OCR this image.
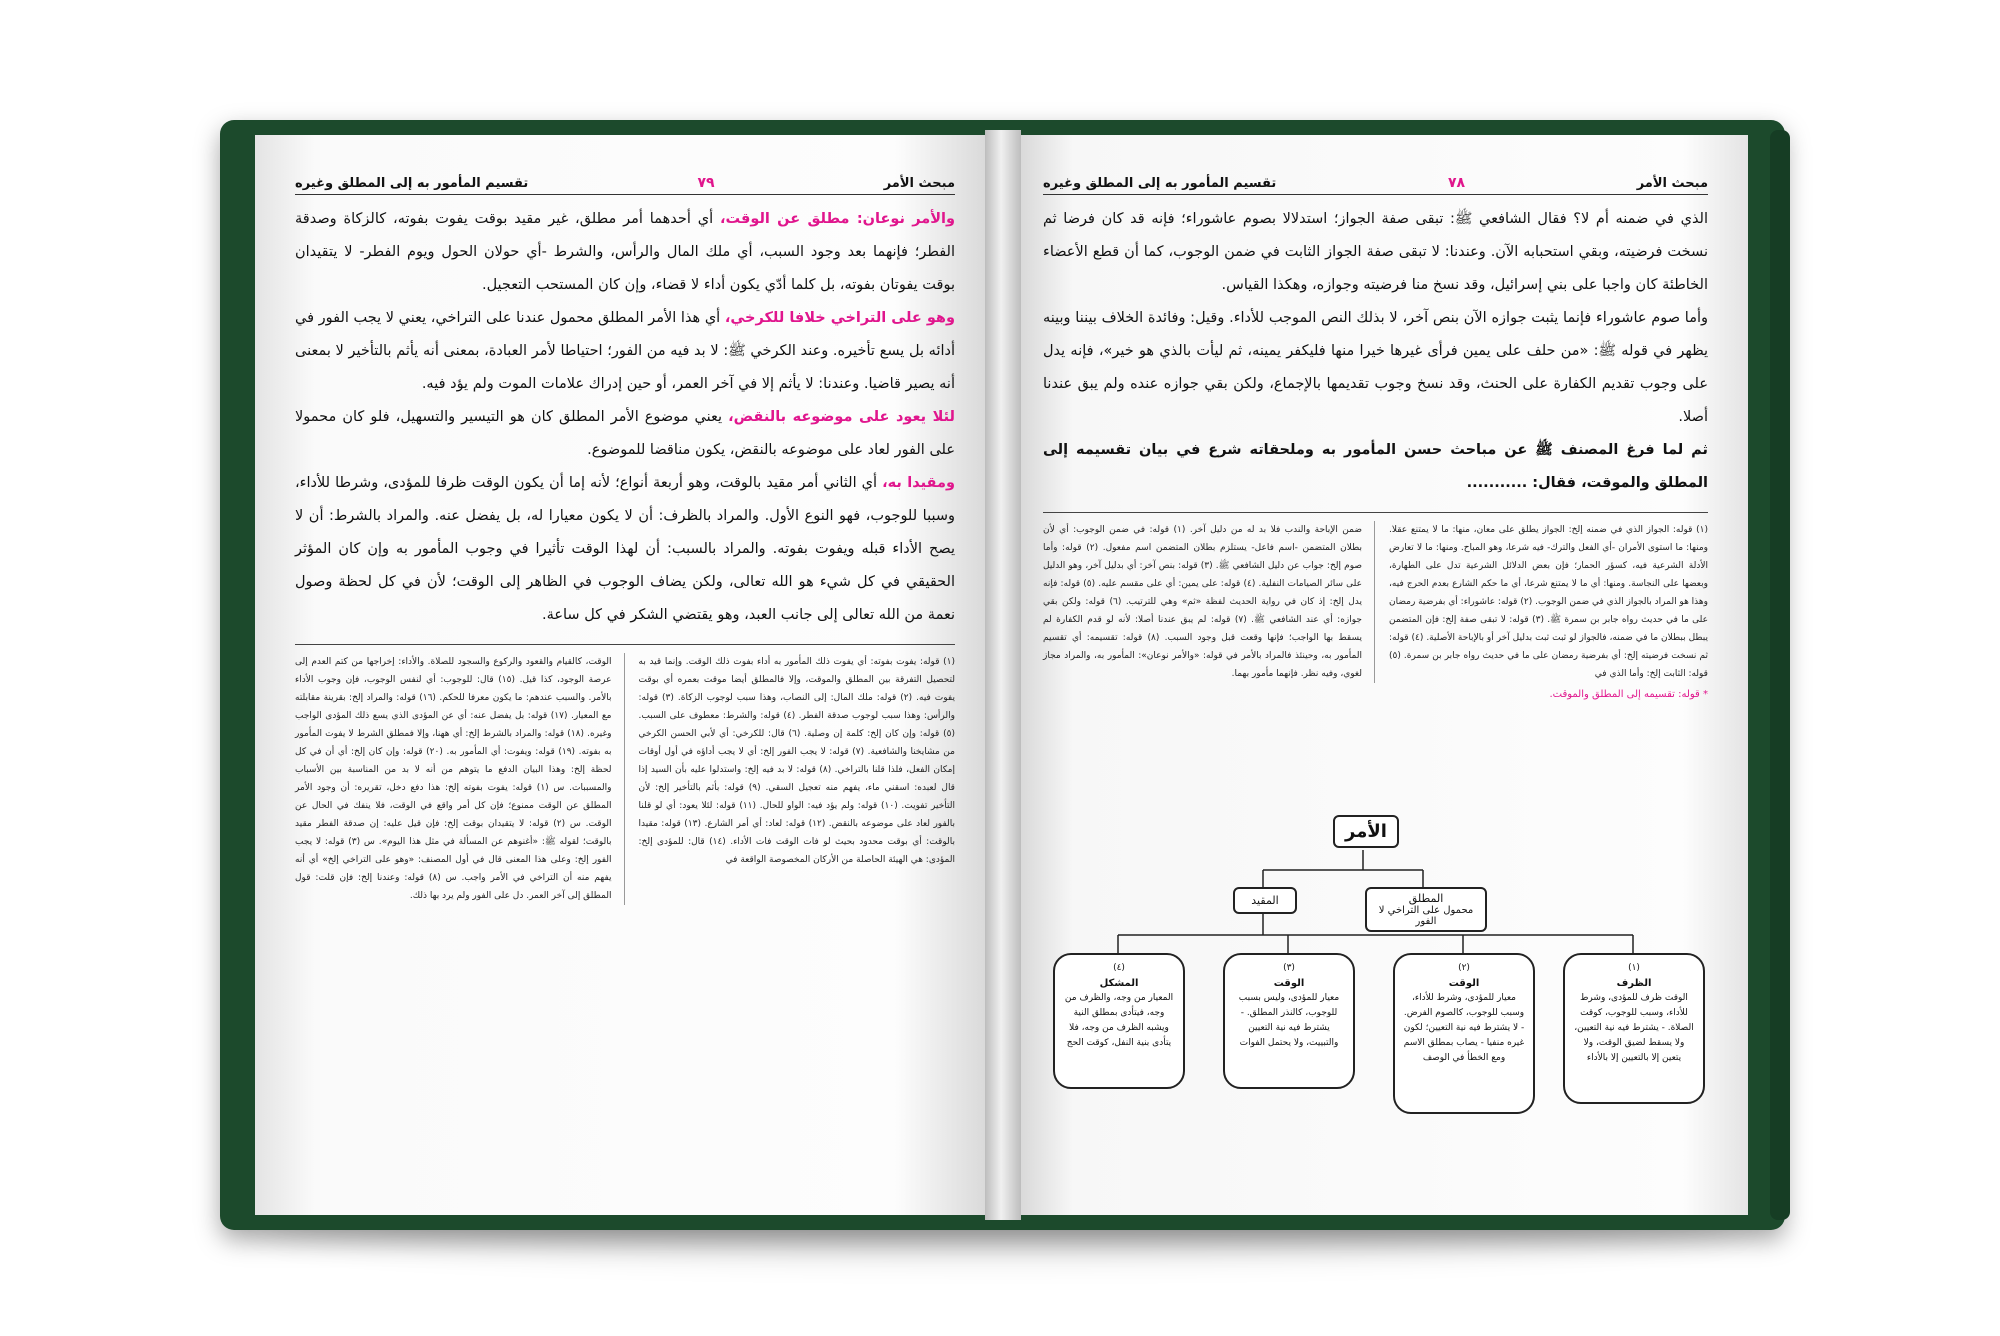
مبحث الأمر
٧٩
تقسيم المأمور به إلى المطلق وغيره

والأمر نوعان: مطلق عن الوقت، أي أحدهما أمر مطلق، غير مقيد بوقت يفوت بفوته، كالزكاة وصدقة الفطر؛ فإنهما بعد وجود السبب، أي ملك المال والرأس، والشرط -أي حولان الحول ويوم الفطر- لا يتقيدان بوقت يفوتان بفوته، بل كلما أدّي يكون أداء لا قضاء، وإن كان المستحب التعجيل.

وهو على التراخي خلافا للكرخي، أي هذا الأمر المطلق محمول عندنا على التراخي، يعني لا يجب الفور في أدائه بل يسع تأخيره. وعند الكرخي ﷺ: لا بد فيه من الفور؛ احتياطا لأمر العبادة، بمعنى أنه يأثم بالتأخير لا بمعنى أنه يصير قاضيا. وعندنا: لا يأثم إلا في آخر العمر، أو حين إدراك علامات الموت ولم يؤد فيه.

لئلا يعود على موضوعه بالنقض، يعني موضوع الأمر المطلق كان هو التيسير والتسهيل، فلو كان محمولا على الفور لعاد على موضوعه بالنقض، يكون مناقضا للموضوع.

ومقيدا به، أي الثاني أمر مقيد بالوقت، وهو أربعة أنواع؛ لأنه إما أن يكون الوقت ظرفا للمؤدى، وشرطا للأداء، وسببا للوجوب، فهو النوع الأول. والمراد بالظرف: أن لا يكون معيارا له، بل يفضل عنه. والمراد بالشرط: أن لا يصح الأداء قبله ويفوت بفوته. والمراد بالسبب: أن لهذا الوقت تأثيرا في وجوب المأمور به وإن كان المؤثر الحقيقي في كل شيء هو الله تعالى، ولكن يضاف الوجوب في الظاهر إلى الوقت؛ لأن في كل لحظة وصول نعمة من الله تعالى إلى جانب العبد، وهو يقتضي الشكر في كل ساعة.

(١) قوله: يفوت بفوته: أي يفوت ذلك المأمور به أداء بفوت ذلك الوقت. وإنما قيد به لتحصيل التفرقة بين المطلق والموقت، وإلا فالمطلق أيضا موقت بعمره أي بوقت يفوت فيه. (٢) قوله: ملك المال: إلى النصاب، وهذا سبب لوجوب الزكاة. (٣) قوله: والرأس: وهذا سبب لوجوب صدقة الفطر. (٤) قوله: والشرط: معطوف على السبب. (٥) قوله: وإن كان إلخ: كلمة إن وصلية. (٦) قال: للكرخي: أي لأبي الحسن الكرخي من مشايخنا والشافعية. (٧) قوله: لا يجب الفور إلخ: أي لا يجب أداؤه في أول أوقات إمكان الفعل، فلذا قلنا بالتراخي. (٨) قوله: لا بد فيه إلخ: واستدلوا عليه بأن السيد إذا قال لعبده: اسقني ماء، يفهم منه تعجيل السقي. (٩) قوله: بأثم بالتأخير إلخ: لأن التأخير تفويت. (١٠) قوله: ولم يؤد فيه: الواو للحال. (١١) قوله: لئلا يعود: أي لو قلنا بالفور لعاد على موضوعه بالنقض. (١٢) قوله: لعاد: أي أمر الشارع. (١٣) قوله: مقيدا بالوقت: أي بوقت محدود بحيث لو فات الوقت فات الأداء. (١٤) قال: للمؤدى إلخ: المؤدى: هي الهيئة الحاصلة من الأركان المخصوصة الواقعة في
الوقت، كالقيام والقعود والركوع والسجود للصلاة. والأداء: إخراجها من كتم العدم إلى عرصة الوجود، كذا قيل. (١٥) قال: للوجوب: أي لنفس الوجوب، فإن وجوب الأداء بالأمر. والسبب عندهم: ما يكون معرفا للحكم. (١٦) قوله: والمراد إلخ: بقرينة مقابلته مع المعيار. (١٧) قوله: بل يفضل عنه: أي عن المؤدى الذي يسع ذلك المؤدى الواجب وغيره. (١٨) قوله: والمراد بالشرط إلخ: أي ههنا، وإلا فمطلق الشرط لا يفوت المأمور به بفوته. (١٩) قوله: ويفوت: أي المأمور به. (٢٠) قوله: وإن كان إلخ: أي أن في كل لحظة إلخ: وهذا البيان الدفع ما يتوهم من أنه لا بد من المناسبة بين الأسباب والمسببات. س (١) قوله: يفوت بفوته إلخ: هذا دفع دخل، تقريره: أن وجود الأمر المطلق عن الوقت ممنوع؛ فإن كل أمر واقع في الوقت، فلا ينفك في الحال عن الوقت. س (٢) قوله: لا يتقيدان بوقت إلخ: فإن قيل عليه: إن صدقة الفطر مقيد بالوقت؛ لقوله ﷺ: «أغنوهم عن المسألة في مثل هذا اليوم». س (٣) قوله: لا يجب الفور إلخ: وعلى هذا المعنى قال في أول المصنف: «وهو على التراخي إلخ» أي أنه يفهم منه أن التراخي في الأمر واجب. س (٨) قوله: وعندنا إلخ: فإن قلت: قول المطلق إلى آخر العمر. دل على الفور ولم يرد بها ذلك.
مبحث الأمر
٧٨
تقسيم المأمور به إلى المطلق وغيره

الذي في ضمنه أم لا؟ فقال الشافعي ﷺ: تبقى صفة الجواز؛ استدلالا بصوم عاشوراء؛ فإنه قد كان فرضا ثم نسخت فرضيته، وبقي استحبابه الآن. وعندنا: لا تبقى صفة الجواز الثابت في ضمن الوجوب، كما أن قطع الأعضاء الخاطئة كان واجبا على بني إسرائيل، وقد نسخ منا فرضيته وجوازه، وهكذا القياس.

وأما صوم عاشوراء فإنما يثبت جوازه الآن بنص آخر، لا بذلك النص الموجب للأداء. وقيل: وفائدة الخلاف بيننا وبينه يظهر في قوله ﷺ: «من حلف على يمين فرأى غيرها خيرا منها فليكفر يمينه، ثم ليأت بالذي هو خير»، فإنه يدل على وجوب تقديم الكفارة على الحنث، وقد نسخ وجوب تقديمها بالإجماع، ولكن بقي جوازه عنده ولم يبق عندنا أصلا.

ثم لما فرغ المصنف ﷺ عن مباحث حسن المأمور به وملحقاته شرع في بيان تقسيمه إلى المطلق والموقت، فقال: ...........

(١) قوله: الجواز الذي في ضمنه إلخ: الجواز يطلق على معان، منها: ما لا يمتنع عقلا. ومنها: ما استوى الأمران -أي الفعل والترك- فيه شرعا، وهو المباح. ومنها: ما لا تعارض الأدلة الشرعية فيه، كسؤر الحمار؛ فإن بعض الدلائل الشرعية تدل على الطهارة، وبعضها على النجاسة. ومنها: أي ما لا يمتنع شرعا، أي ما حكم الشارع بعدم الحرج فيه، وهذا هو المراد بالجواز الذي في ضمن الوجوب. (٢) قوله: عاشوراء: أي بفرضية رمضان على ما في حديث رواه جابر بن سمرة ﷺ. (٣) قوله: لا تبقى صفة إلخ: فإن المتضمن يبطل ببطلان ما في ضمنه، فالجواز لو ثبت ثبت بدليل آخر أو بالإباحة الأصلية. (٤) قوله: ثم نسخت فرضيته إلخ: أي بفرضية رمضان على ما في حديث رواه جابر بن سمرة. (٥) قوله: الثابت إلخ: وأما الذي في
ضمن الإباحة والندب فلا بد له من دليل آخر. (١) قوله: في ضمن الوجوب: أي لأن بطلان المتضمن -اسم فاعل- يستلزم بطلان المتضمن اسم مفعول. (٢) قوله: وأما صوم إلخ: جواب عن دليل الشافعي ﷺ. (٣) قوله: بنص آخر: أي بدليل آخر، وهو الدليل على سائر الصيامات النفلية. (٤) قوله: على يمين: أي على مقسم عليه. (٥) قوله: فإنه يدل إلخ: إذ كان في رواية الحديث لفظة «ثم» وهي للترتيب. (٦) قوله: ولكن بقي جوازه: أي عند الشافعي ﷺ. (٧) قوله: لم يبق عندنا أصلا: لأنه لو قدم الكفارة لم يسقط بها الواجب؛ فإنها وقعت قبل وجود السبب. (٨) قوله: تقسيمه: أي تقسيم المأمور به، وحينئذ فالمراد بالأمر في قوله: «والأمر نوعان»: المأمور به، والمراد مجاز لغوي، وفيه نظر. فإنهما مأمور بهما.
* قوله: تقسيمه إلى المطلق والموقت.
الأمر
المطلق
محمول على التراخي لا الفور
المقيد
(٤)
المشكل
المعيار من وجه، والظرف من وجه، فيتأدى بمطلق النية ويشبه الظرف من وجه، فلا يتأدى بنية النفل، كوقت الحج
(٣)
الوقت
معيار للمؤدى، وليس بسبب للوجوب، كالنذر المطلق. - يشترط فيه نية التعيين والتبييت، ولا يحتمل الفوات
(٢)
الوقت
معيار للمؤدى، وشرط للأداء، وسبب للوجوب، كالصوم الفرض. - لا يشترط فيه نية التعيين؛ لكون غيره منفيا - يصاب بمطلق الاسم ومع الخطأ في الوصف
(١)
الظرف
الوقت ظرف للمؤدى، وشرط للأداء، وسبب للوجوب، كوقت الصلاة. - يشترط فيه نية التعيين، ولا يسقط لضيق الوقت، ولا يتعين إلا بالتعيين إلا بالأداء
